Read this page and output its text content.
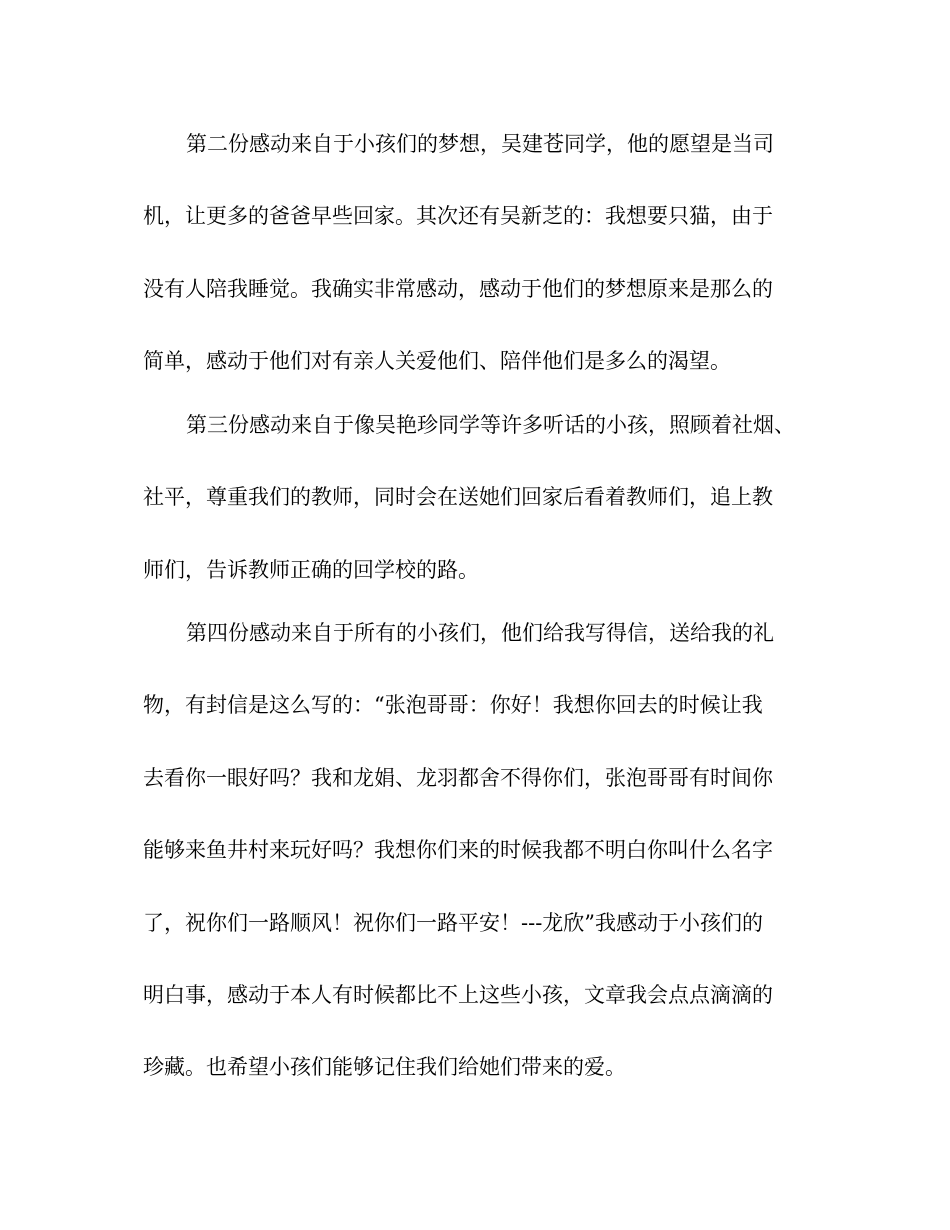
第二份感动来自于小孩们的梦想，吴建苍同学，他的愿望是当司
机，让更多的爸爸早些回家。其次还有吴新芝的：我想要只猫，由于
没有人陪我睡觉。我确实非常感动，感动于他们的梦想原来是那么的
简单，感动于他们对有亲人关爱他们、陪伴他们是多么的渴望。
第三份感动来自于像吴艳珍同学等许多听话的小孩，照顾着社烟、
社平，尊重我们的教师，同时会在送她们回家后看着教师们，追上教
师们，告诉教师正确的回学校的路。
第四份感动来自于所有的小孩们，他们给我写得信，送给我的礼
物，有封信是这么写的：“张泡哥哥：你好！我想你回去的时候让我
去看你一眼好吗？我和龙娟、龙羽都舍不得你们，张泡哥哥有时间你
能够来鱼井村来玩好吗？我想你们来的时候我都不明白你叫什么名字
了，祝你们一路顺风！祝你们一路平安！---龙欣”我感动于小孩们的
明白事，感动于本人有时候都比不上这些小孩，文章我会点点滴滴的
珍藏。也希望小孩们能够记住我们给她们带来的爱。
